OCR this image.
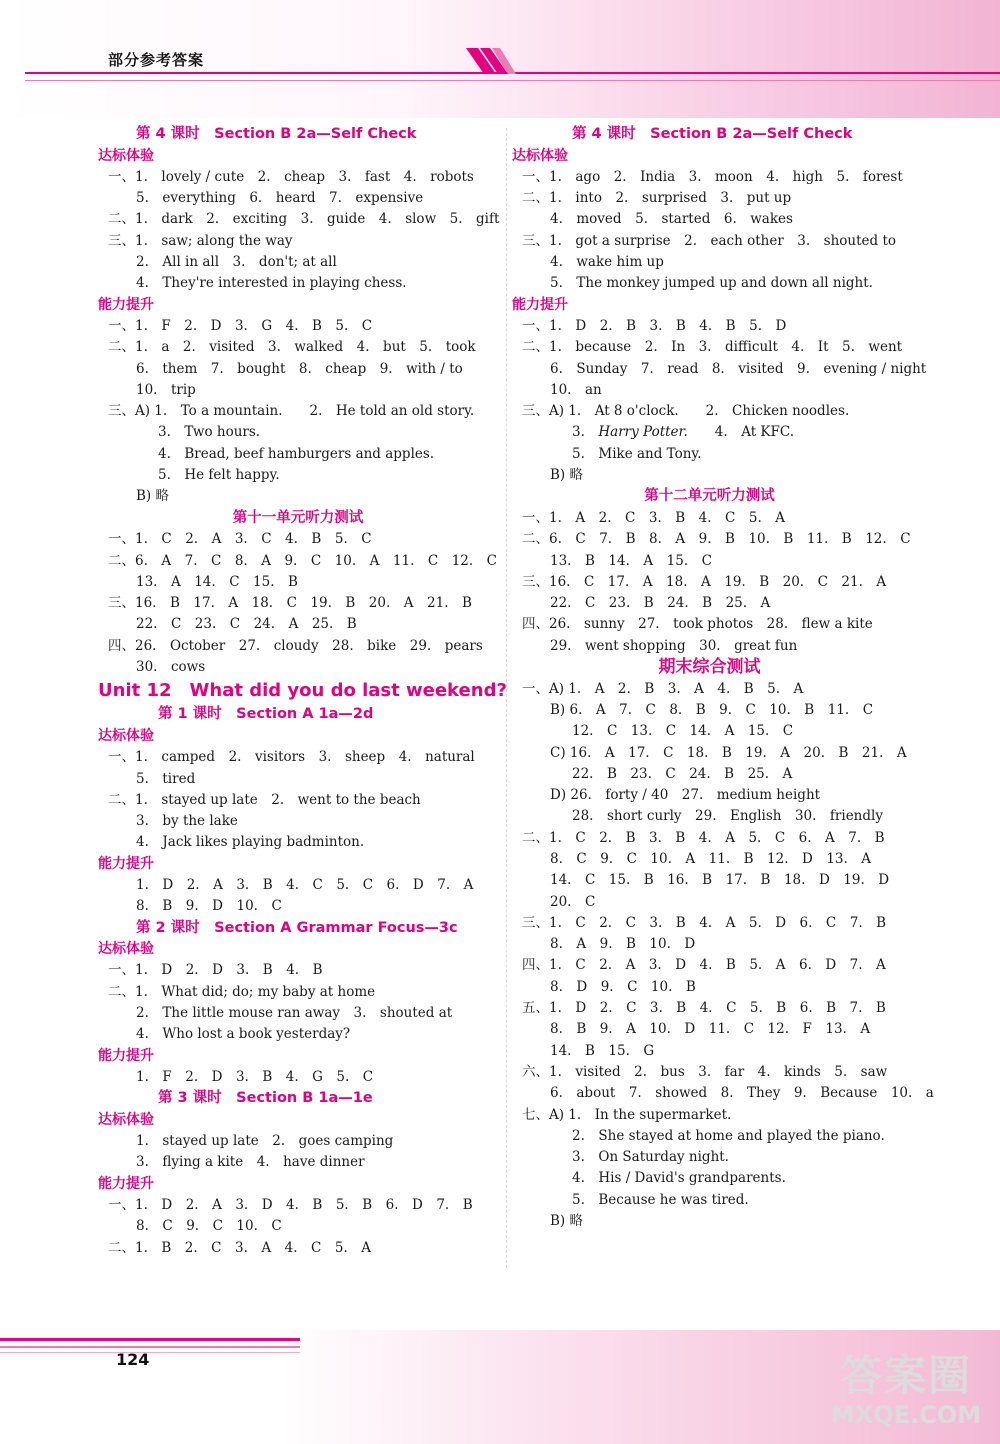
部分参考答案
第 4 课时　Section B 2a—Self Check
达标体验
一、1.　lovely / cute　2.　cheap　3.　fast　4.　robots
5.　everything　6.　heard　7.　expensive
二、1.　dark　2.　exciting　3.　guide　4.　slow　5.　gift
三、1.　saw; along the way
2.　All in all　3.　don't; at all
4.　They're interested in playing chess.
能力提升
一、1.　F　2.　D　3.　G　4.　B　5.　C
二、1.　a　2.　visited　3.　walked　4.　but　5.　took
6.　them　7.　bought　8.　cheap　9.　with / to
10.　trip
三、A) 1.　To a mountain.　　2.　He told an old story.
3.　Two hours.
4.　Bread, beef hamburgers and apples.
5.　He felt happy.
B) 略
第十一单元听力测试
一、1.　C　2.　A　3.　C　4.　B　5.　C
二、6.　A　7.　C　8.　A　9.　C　10.　A　11.　C　12.　C
13.　A　14.　C　15.　B
三、16.　B　17.　A　18.　C　19.　B　20.　A　21.　B
22.　C　23.　C　24.　A　25.　B
四、26.　October　27.　cloudy　28.　bike　29.　pears
30.　cows
Unit 12　What did you do last weekend?
第 1 课时　Section A 1a—2d
达标体验
一、1.　camped　2.　visitors　3.　sheep　4.　natural
5.　tired
二、1.　stayed up late　2.　went to the beach
3.　by the lake
4.　Jack likes playing badminton.
能力提升
1.　D　2.　A　3.　B　4.　C　5.　C　6.　D　7.　A
8.　B　9.　D　10.　C
第 2 课时　Section A Grammar Focus—3c
达标体验
一、1.　D　2.　D　3.　B　4.　B
二、1.　What did; do; my baby at home
2.　The little mouse ran away　3.　shouted at
4.　Who lost a book yesterday?
能力提升
1.　F　2.　D　3.　B　4.　G　5.　C
第 3 课时　Section B 1a—1e
达标体验
1.　stayed up late　2.　goes camping
3.　flying a kite　4.　have dinner
能力提升
一、1.　D　2.　A　3.　D　4.　B　5.　B　6.　D　7.　B
8.　C　9.　C　10.　C
二、1.　B　2.　C　3.　A　4.　C　5.　A
第 4 课时　Section B 2a—Self Check
达标体验
一、1.　ago　2.　India　3.　moon　4.　high　5.　forest
二、1.　into　2.　surprised　3.　put up
4.　moved　5.　started　6.　wakes
三、1.　got a surprise　2.　each other　3.　shouted to
4.　wake him up
5.　The monkey jumped up and down all night.
能力提升
一、1.　D　2.　B　3.　B　4.　B　5.　D
二、1.　because　2.　In　3.　difficult　4.　It　5.　went
6.　Sunday　7.　read　8.　visited　9.　evening / night
10.　an
三、A) 1.　At 8 o'clock.　　2.　Chicken noodles.
3.　Harry Potter.　　4.　At KFC.
5.　Mike and Tony.
B) 略
第十二单元听力测试
一、1.　A　2.　C　3.　B　4.　C　5.　A
二、6.　C　7.　B　8.　A　9.　B　10.　B　11.　B　12.　C
13.　B　14.　A　15.　C
三、16.　C　17.　A　18.　A　19.　B　20.　C　21.　A
22.　C　23.　B　24.　B　25.　A
四、26.　sunny　27.　took photos　28.　flew a kite
29.　went shopping　30.　great fun
期末综合测试
一、A) 1.　A　2.　B　3.　A　4.　B　5.　A
B) 6.　A　7.　C　8.　B　9.　C　10.　B　11.　C
12.　C　13.　C　14.　A　15.　C
C) 16.　A　17.　C　18.　B　19.　A　20.　B　21.　A
22.　B　23.　C　24.　B　25.　A
D) 26.　forty / 40　27.　medium height
28.　short curly　29.　English　30.　friendly
二、1.　C　2.　B　3.　B　4.　A　5.　C　6.　A　7.　B
8.　C　9.　C　10.　A　11.　B　12.　D　13.　A
14.　C　15.　B　16.　B　17.　B　18.　D　19.　D
20.　C
三、1.　C　2.　C　3.　B　4.　A　5.　D　6.　C　7.　B
8.　A　9.　B　10.　D
四、1.　C　2.　A　3.　D　4.　B　5.　A　6.　D　7.　A
8.　D　9.　C　10.　B
五、1.　D　2.　C　3.　B　4.　C　5.　B　6.　B　7.　B
8.　B　9.　A　10.　D　11.　C　12.　F　13.　A
14.　B　15.　G
六、1.　visited　2.　bus　3.　far　4.　kinds　5.　saw
6.　about　7.　showed　8.　They　9.　Because　10.　a
七、A) 1.　In the supermarket.
2.　She stayed at home and played the piano.
3.　On Saturday night.
4.　His / David's grandparents.
5.　Because he was tired.
B) 略
124	答案圈
MXQE.COM
